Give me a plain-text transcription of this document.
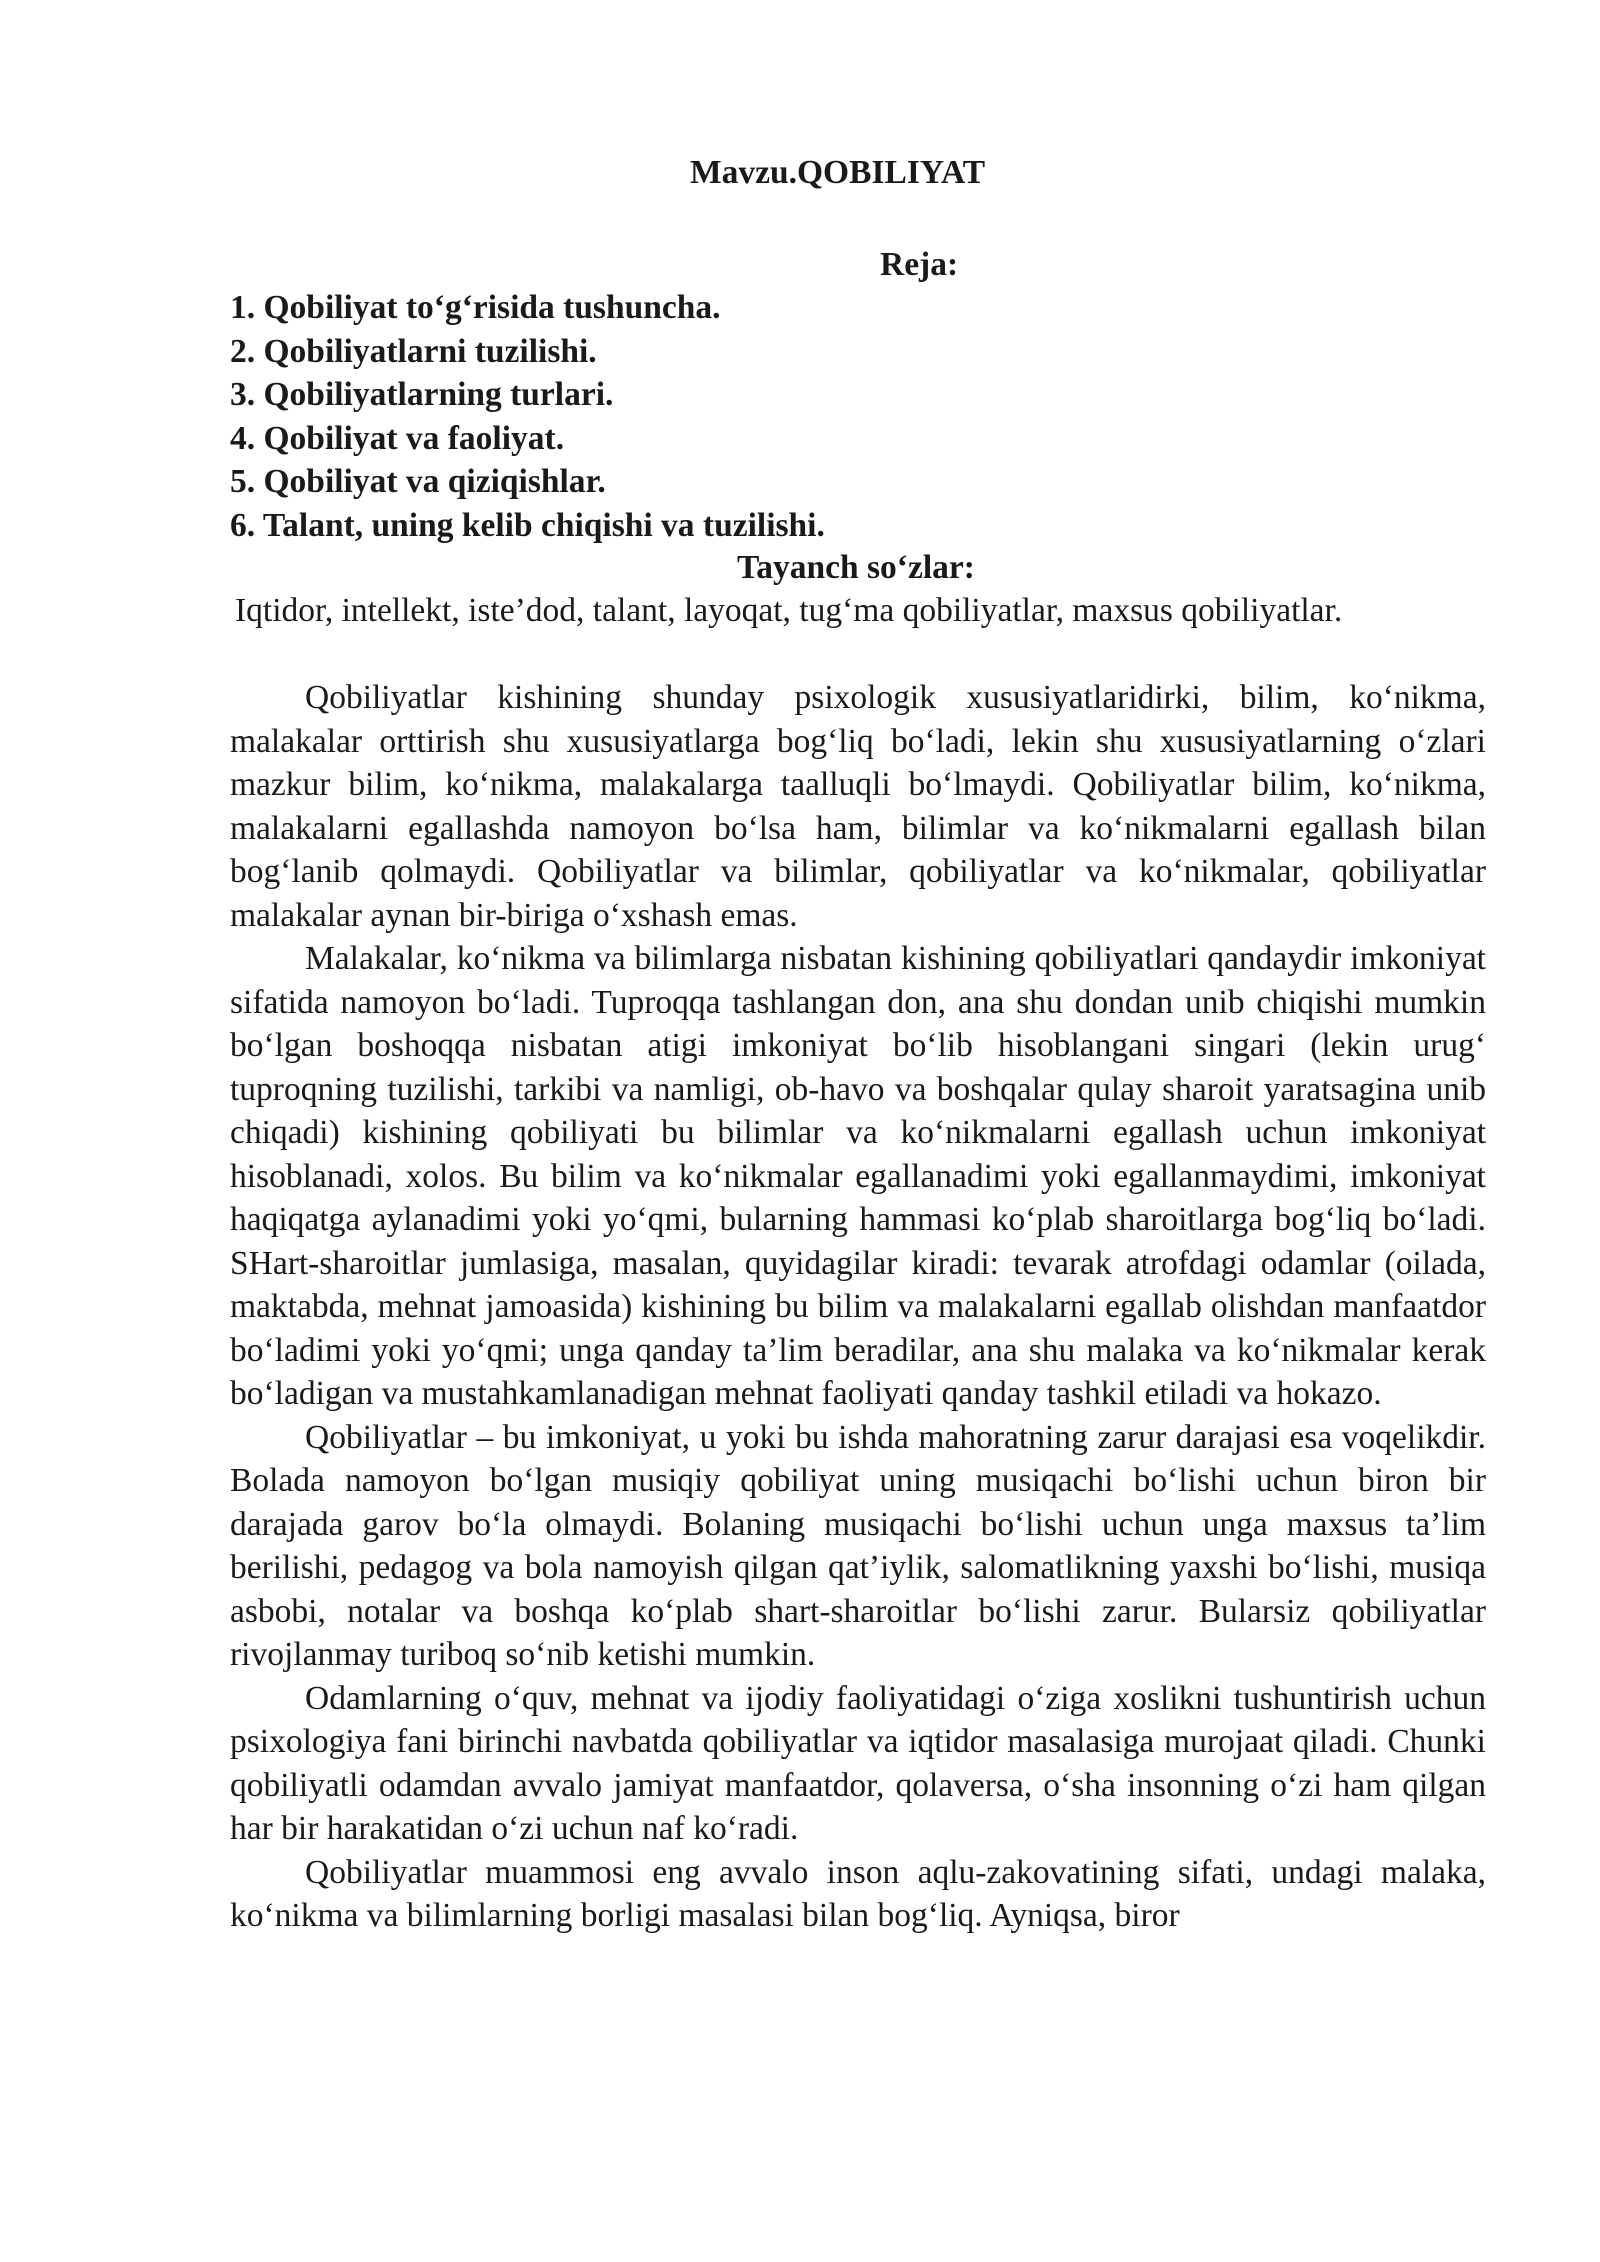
Mavzu.QOBILIYAT
Reja:
1. Qobiliyat to‘g‘risida tushuncha.
2. Qobiliyatlarni tuzilishi.
3. Qobiliyatlarning turlari.
4. Qobiliyat va faoliyat.
5. Qobiliyat va qiziqishlar.
6. Talant, uning kelib chiqishi va tuzilishi.
Tayanch so‘zlar:
Iqtidor, intellekt, iste’dod, talant, layoqat, tug‘ma qobiliyatlar, maxsus qobiliyatlar.

Qobiliyatlar kishining shunday psixologik xususiyatlaridirki, bilim, ko‘nikma, malakalar orttirish shu xususiyatlarga bog‘liq bo‘ladi, lekin shu xususiyatlarning o‘zlari mazkur bilim, ko‘nikma, malakalarga taalluqli bo‘lmaydi. Qobiliyatlar bilim, ko‘nikma, malakalarni egallashda namoyon bo‘lsa ham, bilimlar va ko‘nikmalarni egallash bilan bog‘lanib qolmaydi. Qobiliyatlar va bilimlar, qobiliyatlar va ko‘nikmalar, qobiliyatlar malakalar aynan bir-biriga o‘xshash emas.

Malakalar, ko‘nikma va bilimlarga nisbatan kishining qobiliyatlari qandaydir imkoniyat sifatida namoyon bo‘ladi. Tuproqqa tashlangan don, ana shu dondan unib chiqishi mumkin bo‘lgan boshoqqa nisbatan atigi imkoniyat bo‘lib hisoblangani singari (lekin urug‘ tuproqning tuzilishi, tarkibi va namligi, ob-havo va boshqalar qulay sharoit yaratsagina unib chiqadi) kishining qobiliyati bu bilimlar va ko‘nikmalarni egallash uchun imkoniyat hisoblanadi, xolos. Bu bilim va ko‘nikmalar egallanadimi yoki egallanmaydimi, imkoniyat haqiqatga aylanadimi yoki yo‘qmi, bularning hammasi ko‘plab sharoitlarga bog‘liq bo‘ladi. SHart-sharoitlar jumlasiga, masalan, quyidagilar kiradi: tevarak atrofdagi odamlar (oilada, maktabda, mehnat jamoasida) kishining bu bilim va malakalarni egallab olishdan manfaatdor bo‘ladimi yoki yo‘qmi; unga qanday ta’lim beradilar, ana shu malaka va ko‘nikmalar kerak bo‘ladigan va mustahkamlanadigan mehnat faoliyati qanday tashkil etiladi va hokazo.

Qobiliyatlar – bu imkoniyat, u yoki bu ishda mahoratning zarur darajasi esa voqelikdir. Bolada namoyon bo‘lgan musiqiy qobiliyat uning musiqachi bo‘lishi uchun biron bir darajada garov bo‘la olmaydi. Bolaning musiqachi bo‘lishi uchun unga maxsus ta’lim berilishi, pedagog va bola namoyish qilgan qat’iylik, salomatlikning yaxshi bo‘lishi, musiqa asbobi, notalar va boshqa ko‘plab shart-sharoitlar bo‘lishi zarur. Bularsiz qobiliyatlar rivojlanmay turiboq so‘nib ketishi mumkin.

Odamlarning o‘quv, mehnat va ijodiy faoliyatidagi o‘ziga xoslikni tushuntirish uchun psixologiya fani birinchi navbatda qobiliyatlar va iqtidor masalasiga murojaat qiladi. Chunki qobiliyatli odamdan avvalo jamiyat manfaatdor, qolaversa, o‘sha insonning o‘zi ham qilgan har bir harakatidan o‘zi uchun naf ko‘radi.

Qobiliyatlar muammosi eng avvalo inson aqlu-zakovatining sifati, undagi malaka, ko‘nikma va bilimlarning borligi masalasi bilan bog‘liq. Ayniqsa, biror
